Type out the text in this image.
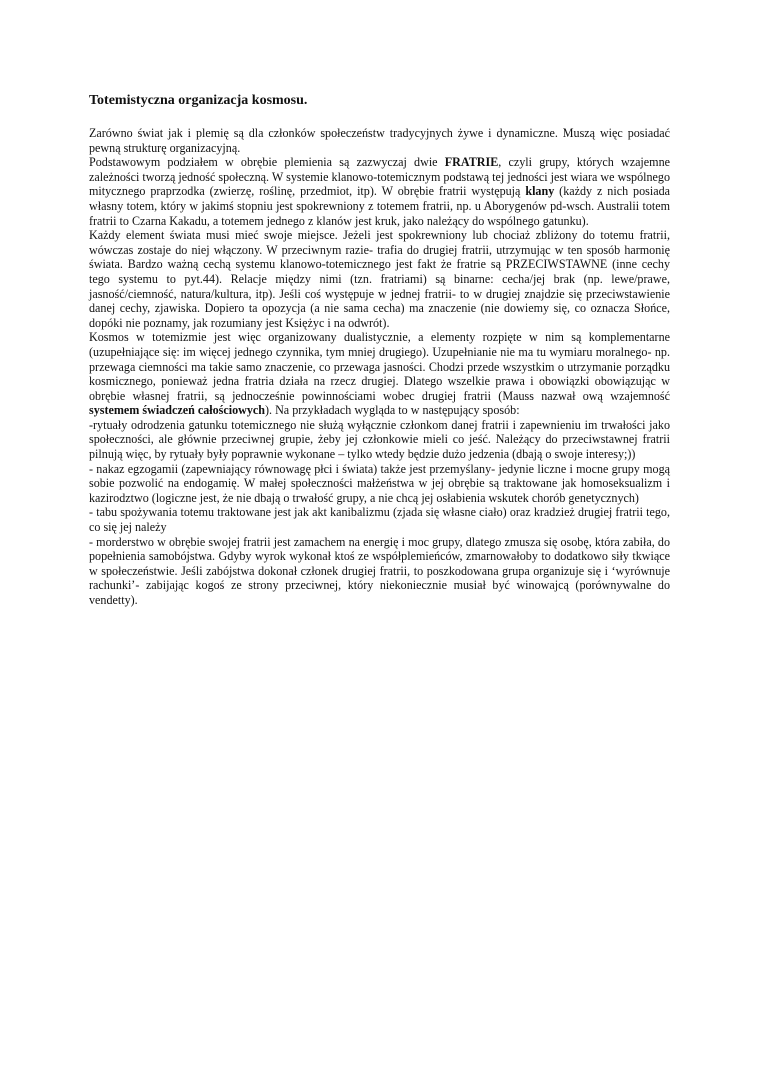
Totemistyczna organizacja kosmosu.

Zarówno świat jak i plemię są dla członków społeczeństw tradycyjnych żywe i dynamiczne. Muszą więc posiadać pewną strukturę organizacyjną.

Podstawowym podziałem w obrębie plemienia są zazwyczaj dwie FRATRIE, czyli grupy, których wzajemne zależności tworzą jedność społeczną. W systemie klanowo-totemicznym podstawą tej jedności jest wiara we wspólnego mitycznego praprzodka (zwierzę, roślinę, przedmiot, itp). W obrębie fratrii występują klany (każdy z nich posiada własny totem, który w jakimś stopniu jest spokrewniony z totemem fratrii, np. u Aborygenów pd-wsch. Australii totem fratrii to Czarna Kakadu, a totemem jednego z klanów jest kruk, jako należący do wspólnego gatunku).

Każdy element świata musi mieć swoje miejsce. Jeżeli jest spokrewniony lub chociaż zbliżony do totemu fratrii, wówczas zostaje do niej włączony. W przeciwnym razie- trafia do drugiej fratrii, utrzymując w ten sposób harmonię świata. Bardzo ważną cechą systemu klanowo-totemicznego jest fakt że fratrie są PRZECIWSTAWNE (inne cechy tego systemu to pyt.44). Relacje między nimi (tzn. fratriami) są binarne: cecha/jej brak (np. lewe/prawe, jasność/ciemność, natura/kultura, itp). Jeśli coś występuje w jednej fratrii- to w drugiej znajdzie się przeciwstawienie danej cechy, zjawiska. Dopiero ta opozycja (a nie sama cecha) ma znaczenie (nie dowiemy się, co oznacza Słońce, dopóki nie poznamy, jak rozumiany jest Księżyc i na odwrót).

Kosmos w totemizmie jest więc organizowany dualistycznie, a elementy rozpięte w nim są komplementarne (uzupełniające się: im więcej jednego czynnika, tym mniej drugiego). Uzupełnianie nie ma tu wymiaru moralnego- np. przewaga ciemności ma takie samo znaczenie, co przewaga jasności. Chodzi przede wszystkim o utrzymanie porządku kosmicznego, ponieważ jedna fratria działa na rzecz drugiej. Dlatego wszelkie prawa i obowiązki obowiązując w obrębie własnej fratrii, są jednocześnie powinnościami wobec drugiej fratrii (Mauss nazwał ową wzajemność systemem świadczeń całościowych). Na przykładach wygląda to w następujący sposób:

-rytuały odrodzenia gatunku totemicznego nie służą wyłącznie członkom danej fratrii i zapewnieniu im trwałości jako społeczności, ale głównie przeciwnej grupie, żeby jej członkowie mieli co jeść. Należący do przeciwstawnej fratrii pilnują więc, by rytuały były poprawnie wykonane – tylko wtedy będzie dużo jedzenia (dbają o swoje interesy;))

- nakaz egzogamii (zapewniający równowagę płci i świata) także jest przemyślany- jedynie liczne i mocne grupy mogą sobie pozwolić na endogamię. W małej społeczności małżeństwa w jej obrębie są traktowane jak homoseksualizm i kazirodztwo (logiczne jest, że nie dbają o trwałość grupy, a nie chcą jej osłabienia wskutek chorób genetycznych)

- tabu spożywania totemu traktowane jest jak akt kanibalizmu (zjada się własne ciało) oraz kradzież drugiej fratrii tego, co się jej należy

- morderstwo w obrębie swojej fratrii jest zamachem na energię i moc grupy, dlatego zmusza się osobę, która zabiła, do popełnienia samobójstwa. Gdyby wyrok wykonał ktoś ze współplemieńców, zmarnowałoby to dodatkowo siły tkwiące w społeczeństwie. Jeśli zabójstwa dokonał członek drugiej fratrii, to poszkodowana grupa organizuje się i ‘wyrównuje rachunki’- zabijając kogoś ze strony przeciwnej, który niekoniecznie musiał być winowajcą (porównywalne do vendetty).
